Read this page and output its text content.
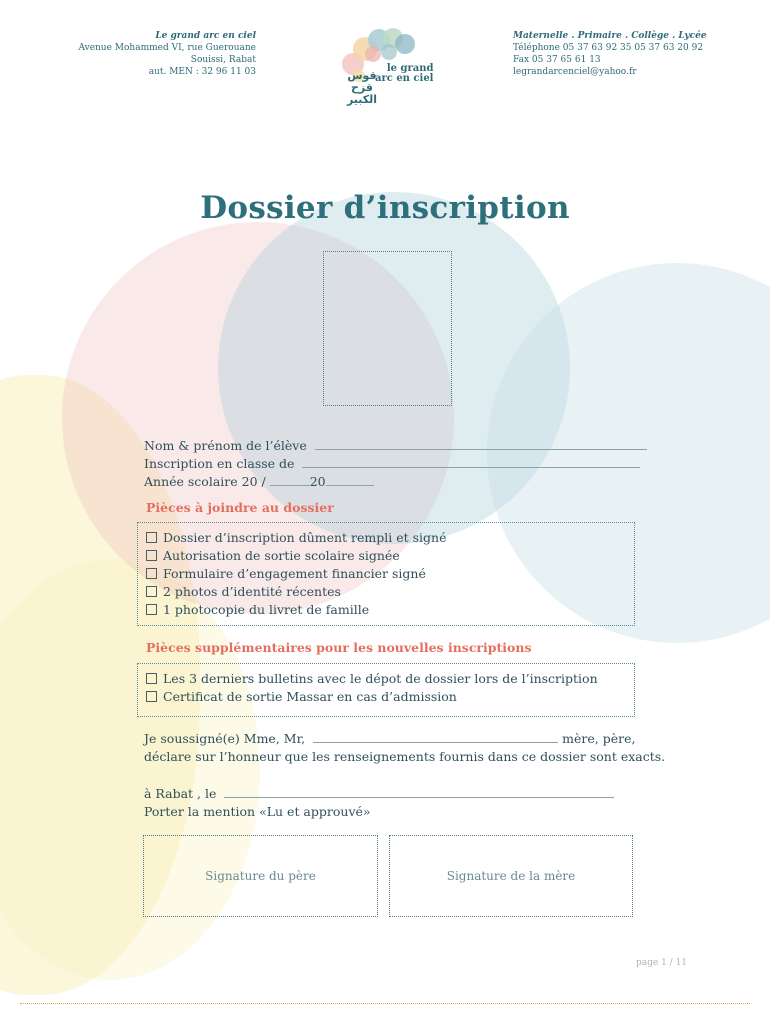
Le grand arc en ciel
Avenue Mohammed VI, rue Guerouane
Souissi, Rabat
aut. MEN : 32 96 11 03	le grand
arc en ciel
قوس قزح
الكبير
Maternelle . Primaire . Collège . Lycée
Téléphone 05 37 63 92 35 05 37 63 20 92
Fax 05 37 65 61 13
legrandarcenciel@yahoo.fr
Dossier d’inscription
Nom & prénom de l’élève
Inscription en classe de
Année scolaire 20 /	20
Pièces à joindre au dossier
Dossier d’inscription dûment rempli et signé
Autorisation de sortie scolaire signée
Formulaire d’engagement financier signé
2 photos d’identité récentes
1 photocopie du livret de famille
Pièces supplémentaires pour les nouvelles inscriptions
Les 3 derniers bulletins avec le dépot de dossier lors de l’inscription
Certificat de sortie Massar en cas d’admission
Je soussigné(e) Mme, Mr,	mère, père,
déclare sur l’honneur que les renseignements fournis dans ce dossier sont exacts.
à Rabat , le
Porter la mention «Lu et approuvé»
Signature du père	Signature de la mère
page 1 / 11
